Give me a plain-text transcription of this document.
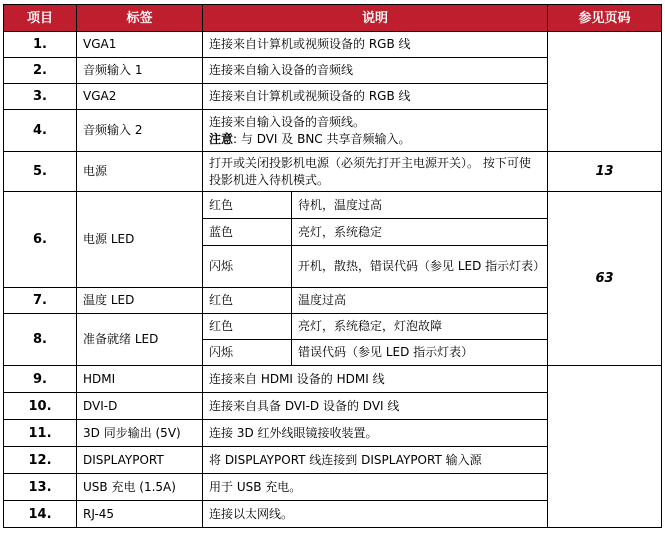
项目	标签	说明		参见页码
1.	VGA1	连接来自计算机或视频设备的 RGB 线		
2.	音频输入 1	连接来自输入设备的音频线		
3.	VGA2	连接来自计算机或视频设备的 RGB 线		
4.	音频输入 2	连接来自输入设备的音频线。
注意: 与 DVI 及 BNC 共享音频输入。		

5.	电源	打开或关闭投影机电源（必须先打开主电源开关）。 按下可使投影机进入待机模式。		13
6.	电源 LED	红色	待机，温度过高	63
		蓝色	亮灯，系统稳定	
		闪烁	开机，散热，错误代码（参见 LED 指示灯表）	
7.	温度 LED	红色	温度过高	
8.	准备就绪 LED	红色	亮灯，系统稳定，灯泡故障	
		闪烁	错误代码（参见 LED 指示灯表）	
9.	HDMI	连接来自 HDMI 设备的 HDMI 线		
10.	DVI-D	连接来自具备 DVI-D 设备的 DVI 线		
11.	3D 同步输出 (5V)	连接 3D 红外线眼镜接收装置。		
12.	DISPLAYPORT	将 DISPLAYPORT 线连接到 DISPLAYPORT 输入源		
13.	USB 充电 (1.5A)	用于 USB 充电。		
14.	RJ-45	连接以太网线。		
